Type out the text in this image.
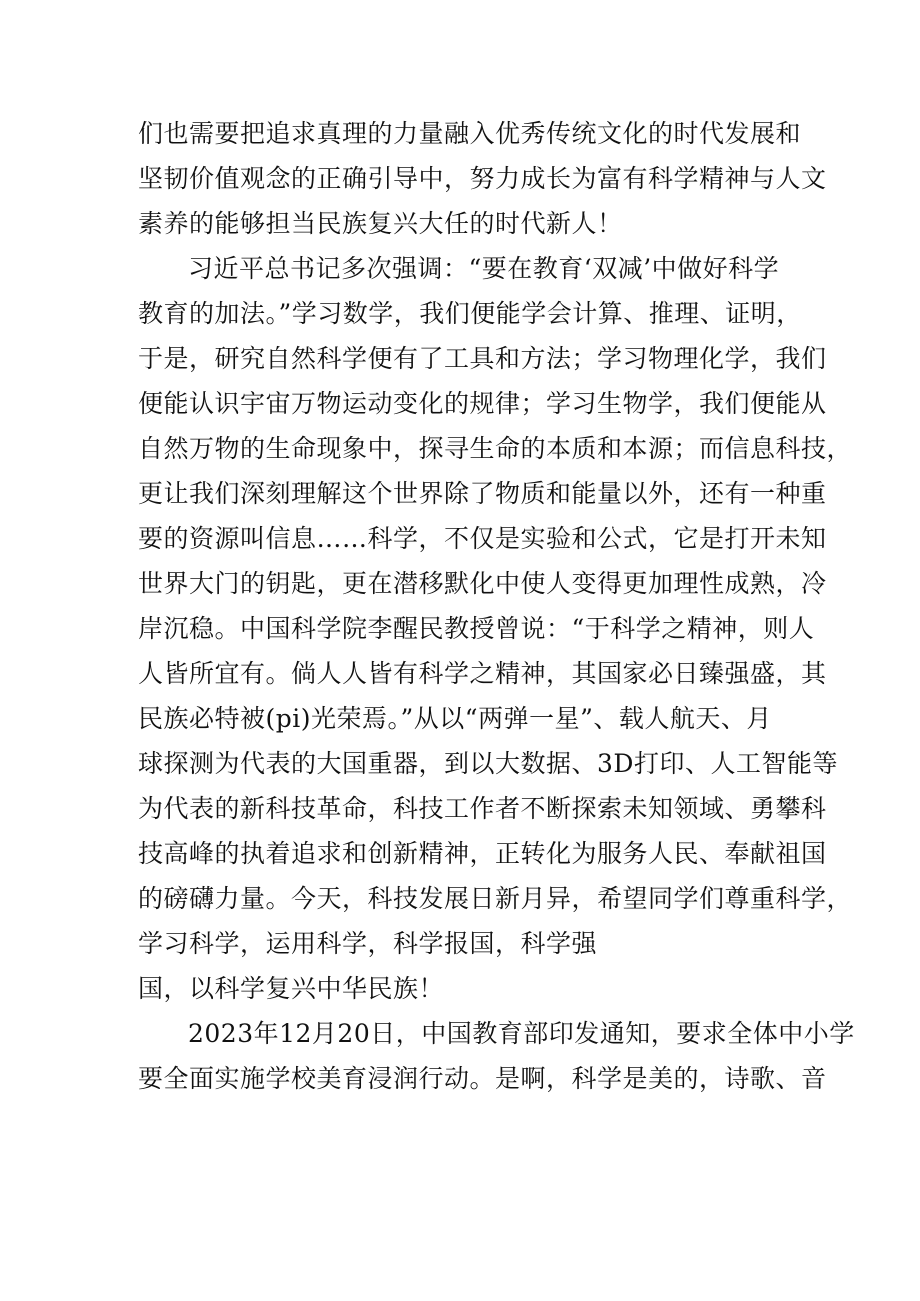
们也需要把追求真理的力量融入优秀传统文化的时代发展和
坚韧价值观念的正确引导中，努力成长为富有科学精神与人文
素养的能够担当民族复兴大任的时代新人！
习近平总书记多次强调：“要在教育‘双减’中做好科学
教育的加法。”学习数学，我们便能学会计算、推理、证明，
于是，研究自然科学便有了工具和方法；学习物理化学，我们
便能认识宇宙万物运动变化的规律；学习生物学，我们便能从
自然万物的生命现象中，探寻生命的本质和本源；而信息科技，
更让我们深刻理解这个世界除了物质和能量以外，还有一种重
要的资源叫信息……科学，不仅是实验和公式，它是打开未知
世界大门的钥匙，更在潜移默化中使人变得更加理性成熟，冷
岸沉稳。中国科学院李醒民教授曾说：“于科学之精神，则人
人皆所宜有。倘人人皆有科学之精神，其国家必日臻强盛，其
民族必特被(pi)光荣焉。”从以“两弹一星”、载人航天、月
球探测为代表的大国重器，到以大数据、3D打印、人工智能等
为代表的新科技革命，科技工作者不断探索未知领域、勇攀科
技高峰的执着追求和创新精神，正转化为服务人民、奉献祖国
的磅礴力量。今天，科技发展日新月异，希望同学们尊重科学，
学习科学，运用科学，科学报国，科学强
国，以科学复兴中华民族！
2023年12月20日，中国教育部印发通知，要求全体中小学
要全面实施学校美育浸润行动。是啊，科学是美的，诗歌、音
